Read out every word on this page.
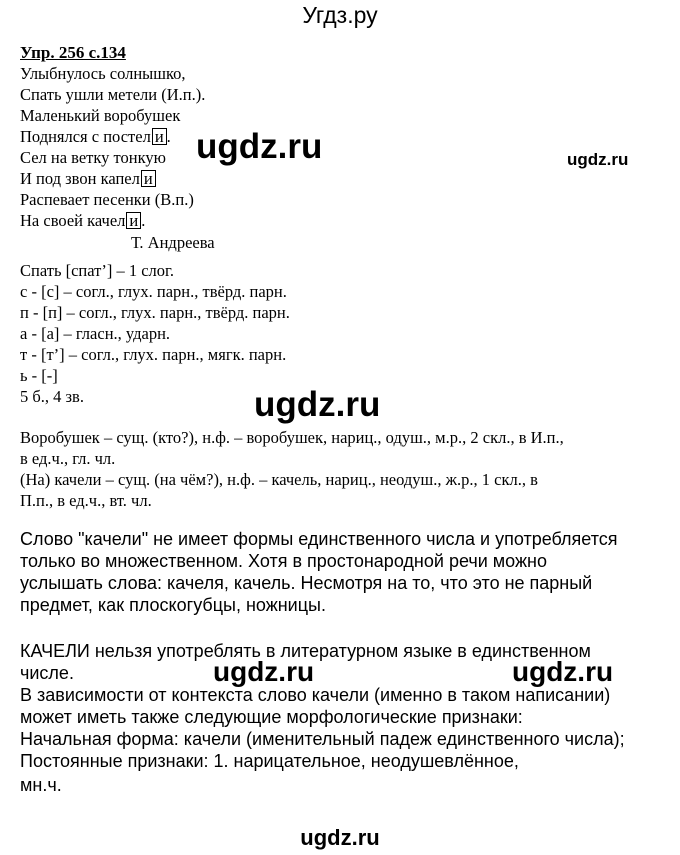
Угдз.ру
Упр. 256 с.134
Улыбнулось солнышко,
Спать ушли метели (И.п.).
Маленький воробушек
Поднялся с постел и .
Сел на ветку тонкую
И под звон капел и
Распевает песенки (В.п.)
На своей качел и .
Т. Андреева
Спать [спат’] – 1 слог.
с - [с] – согл., глух. парн., твёрд. парн.
п - [п] – согл., глух. парн., твёрд. парн.
а - [а] – гласн., ударн.
т - [т’] – согл., глух. парн., мягк. парн.
ь - [-]
5 б., 4 зв.
Воробушек – сущ. (кто?), н.ф. – воробушек, нариц., одуш., м.р., 2 скл., в И.п.,
в ед.ч., гл. чл.
(На) качели – сущ. (на чём?), н.ф. – качель, нариц., неодуш., ж.р., 1 скл., в
П.п., в ед.ч., вт. чл.
Слово "качели" не имеет формы единственного числа и употребляется
только во множественном. Хотя в простонародной речи можно
услышать слова: качеля, качель. Несмотря на то, что это не парный
предмет, как плоскогубцы, ножницы.
КАЧЕЛИ нельзя употреблять в литературном языке в единственном
числе.
В зависимости от контекста слово качели (именно в таком написании)
может иметь также следующие морфологические признаки:
Начальная форма: качели (именительный падеж единственного числа);
Постоянные признаки: 1. нарицательное, неодушевлённое,
мн.ч.
ugdz.ru	ugdz.ru
ugdz.ru
ugdz.ru	ugdz.ru
ugdz.ru
